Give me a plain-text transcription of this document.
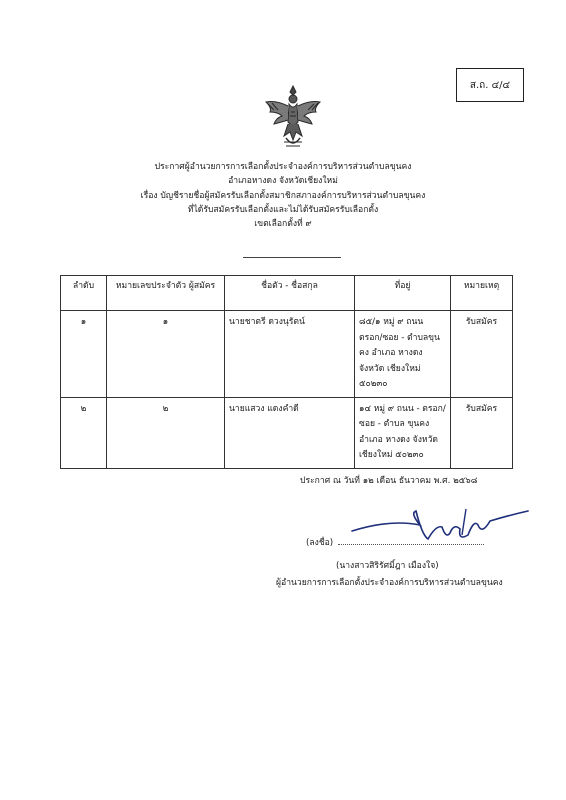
ส.ถ. ๔/๔
ประกาศผู้อำนวยการการเลือกตั้งประจำองค์การบริหารส่วนตำบลขุนคง
อำเภอหางดง จังหวัดเชียงใหม่
เรื่อง บัญชีรายชื่อผู้สมัครรับเลือกตั้งสมาชิกสภาองค์การบริหารส่วนตำบลขุนคง
ที่ได้รับสมัครรับเลือกตั้งและไม่ได้รับสมัครรับเลือกตั้ง
เขตเลือกตั้งที่ ๙
ลำดับ	หมายเลขประจำตัว ผู้สมัคร	ชื่อตัว - ชื่อสกุล	ที่อยู่	หมายเหตุ
๑	๑	นายชาตรี ดวงนุรัตน์	๘๕/๑ หมู่ ๙ ถนน ตรอก/ซอย - ตำบลขุนคง อำเภอ หางดง จังหวัด เชียงใหม่ ๕๐๒๓๐	รับสมัคร
๒	๒	นายแสวง แดงคำดี	๑๔ หมู่ ๙ ถนน - ตรอก/ ซอย - ตำบล ขุนคง อำเภอ หางดง จังหวัด เชียงใหม่ ๕๐๒๓๐	รับสมัคร
ประกาศ ณ วันที่ ๑๒ เดือน ธันวาคม พ.ศ. ๒๕๖๘
(ลงชื่อ)
(นางสาวสิริรัศมิ์ฎา เมืองใจ)
ผู้อำนวยการการเลือกตั้งประจำองค์การบริหารส่วนตำบลขุนคง
